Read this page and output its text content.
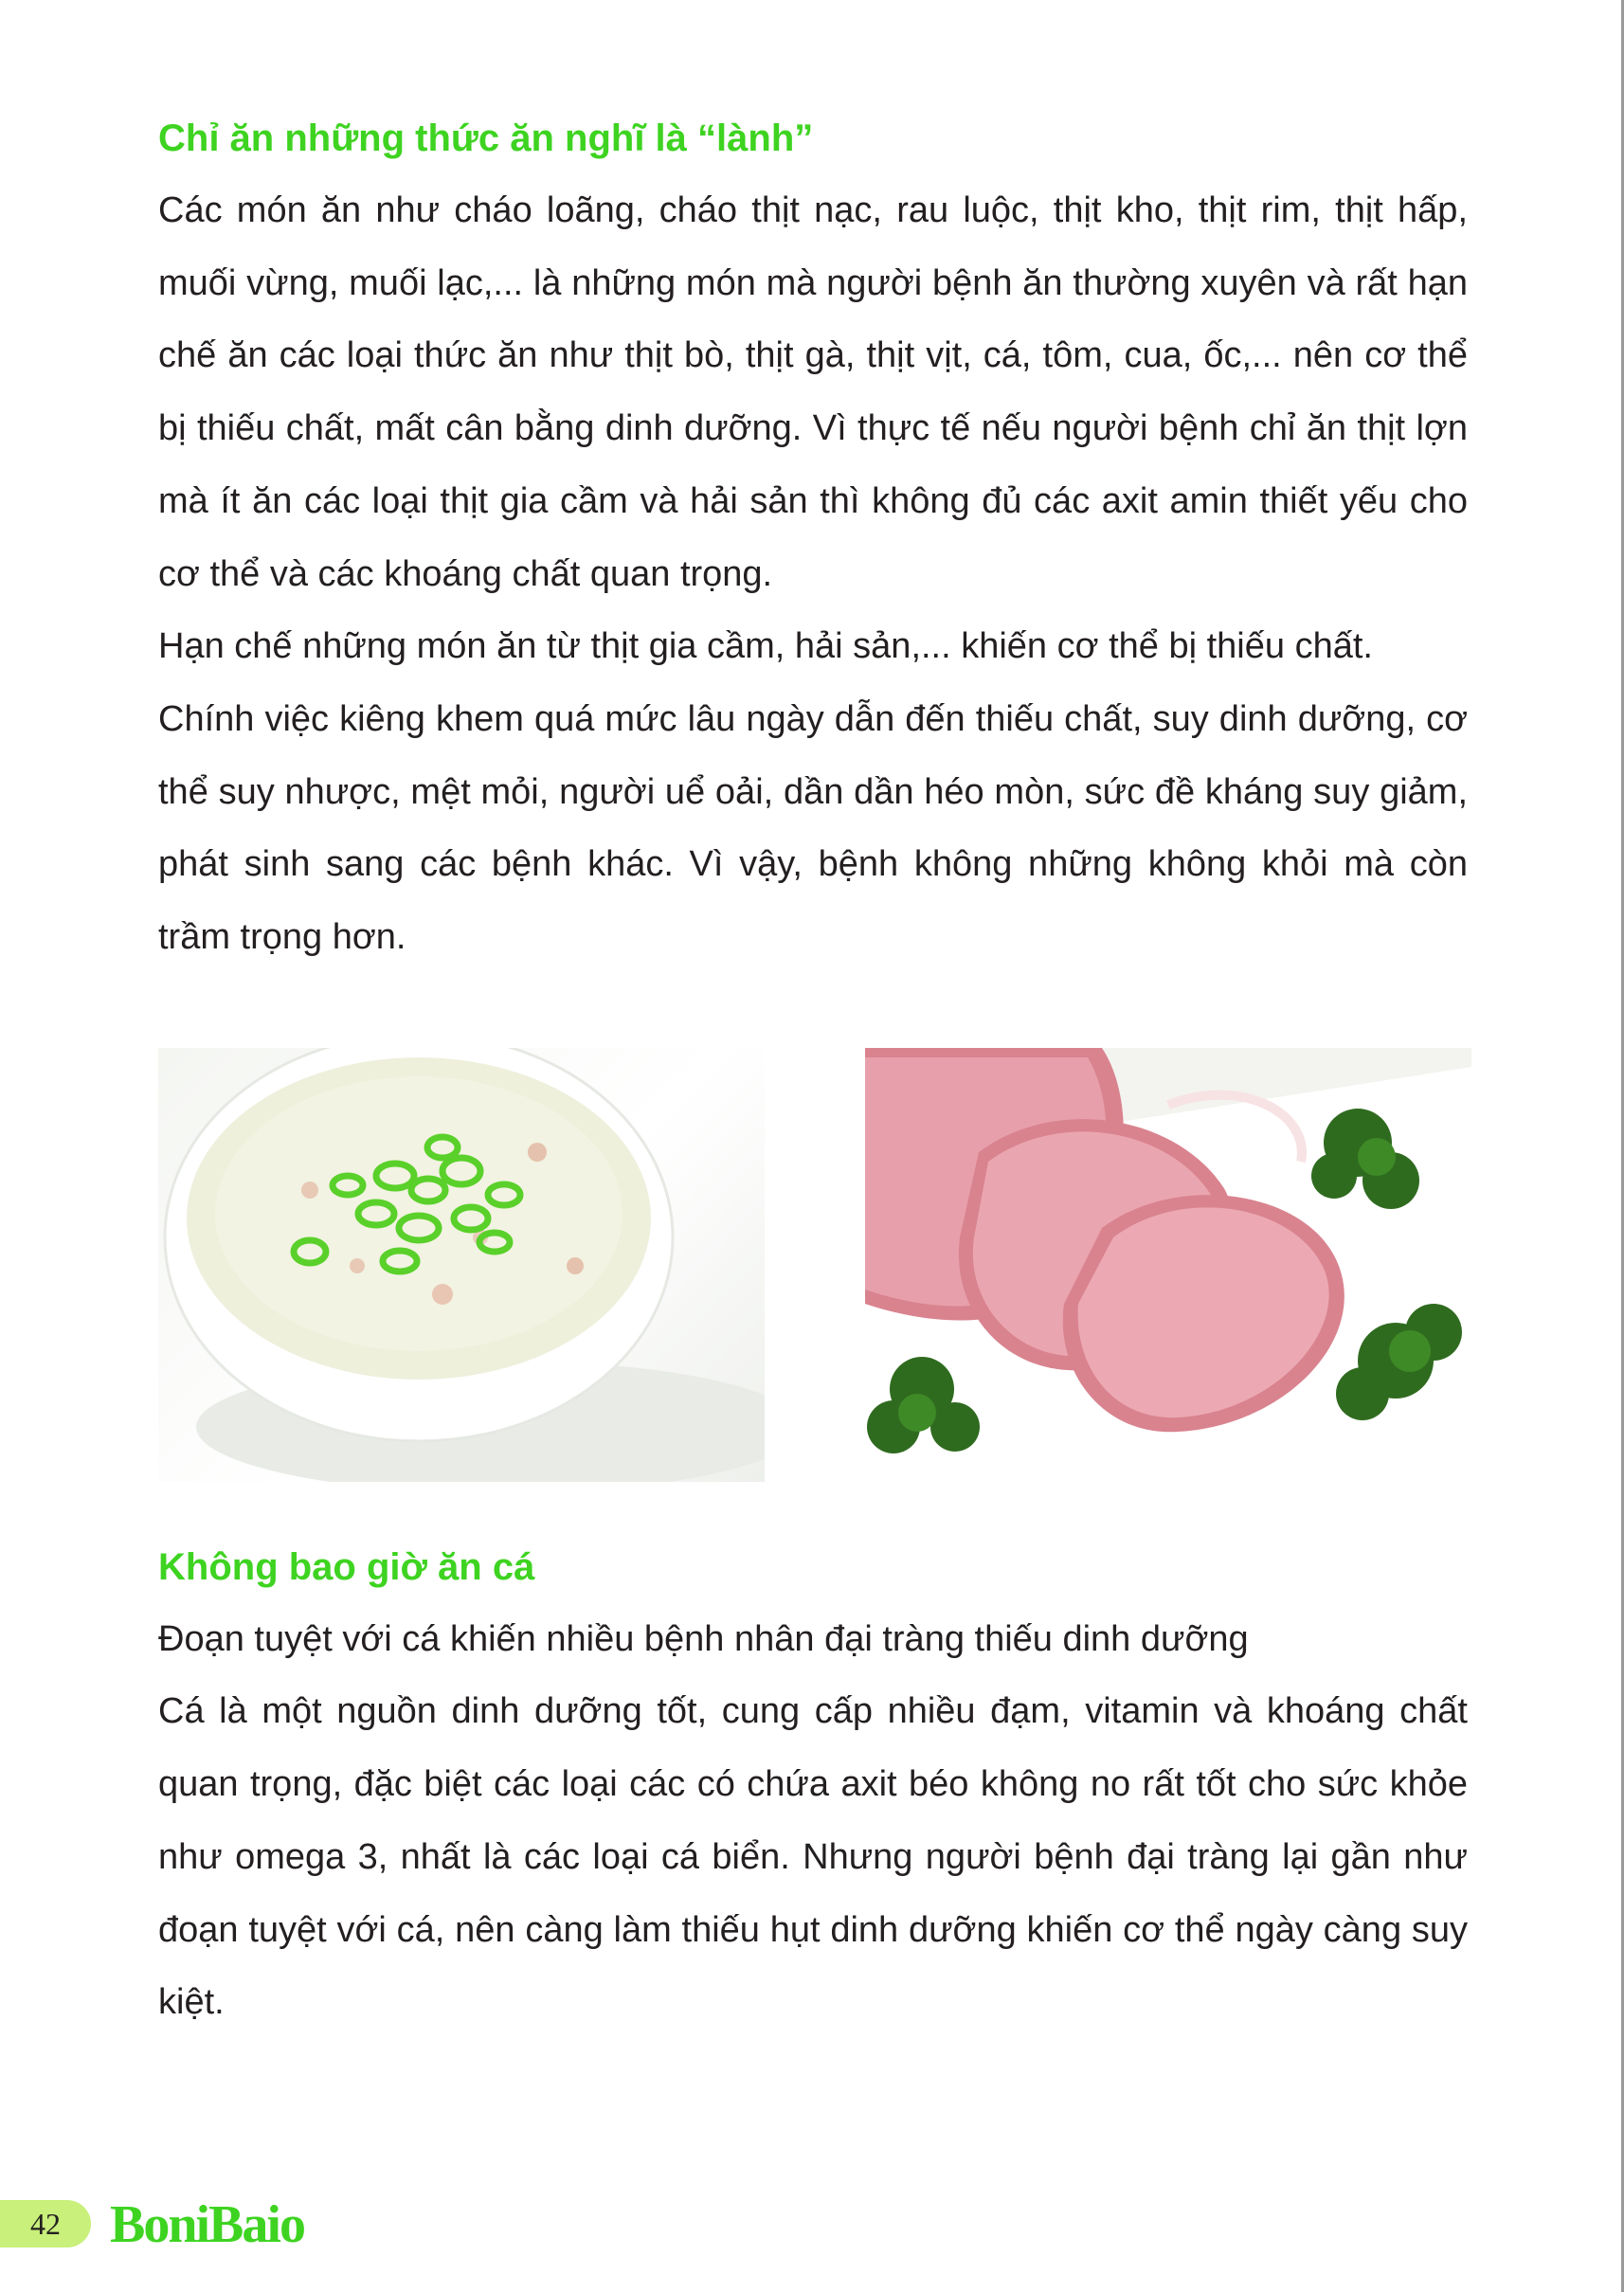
Chỉ ăn những thức ăn nghĩ là “lành”

Các món ăn như cháo loãng, cháo thịt nạc, rau luộc, thịt kho, thịt rim, thịt hấp, muối vừng, muối lạc,... là những món mà người bệnh ăn thường xuyên và rất hạn chế ăn các loại thức ăn như thịt bò, thịt gà, thịt vịt, cá, tôm, cua, ốc,... nên cơ thể bị thiếu chất, mất cân bằng dinh dưỡng. Vì thực tế nếu người bệnh chỉ ăn thịt lợn mà ít ăn các loại thịt gia cầm và hải sản thì không đủ các axit amin thiết yếu cho cơ thể và các khoáng chất quan trọng.

Hạn chế những món ăn từ thịt gia cầm, hải sản,... khiến cơ thể bị thiếu chất.

Chính việc kiêng khem quá mức lâu ngày dẫn đến thiếu chất, suy dinh dưỡng, cơ thể suy nhược, mệt mỏi, người uể oải, dần dần héo mòn, sức đề kháng suy giảm, phát sinh sang các bệnh khác. Vì vậy, bệnh không những không khỏi mà còn trầm trọng hơn.

Không bao giờ ăn cá

Đoạn tuyệt với cá khiến nhiều bệnh nhân đại tràng thiếu dinh dưỡng

Cá là một nguồn dinh dưỡng tốt, cung cấp nhiều đạm, vitamin và khoáng chất quan trọng, đặc biệt các loại các có chứa axit béo không no rất tốt cho sức khỏe như omega 3, nhất là các loại cá biển. Nhưng người bệnh đại tràng lại gần như đoạn tuyệt với cá, nên càng làm thiếu hụt dinh dưỡng khiến cơ thể ngày càng suy kiệt.

42 BoniBaio
